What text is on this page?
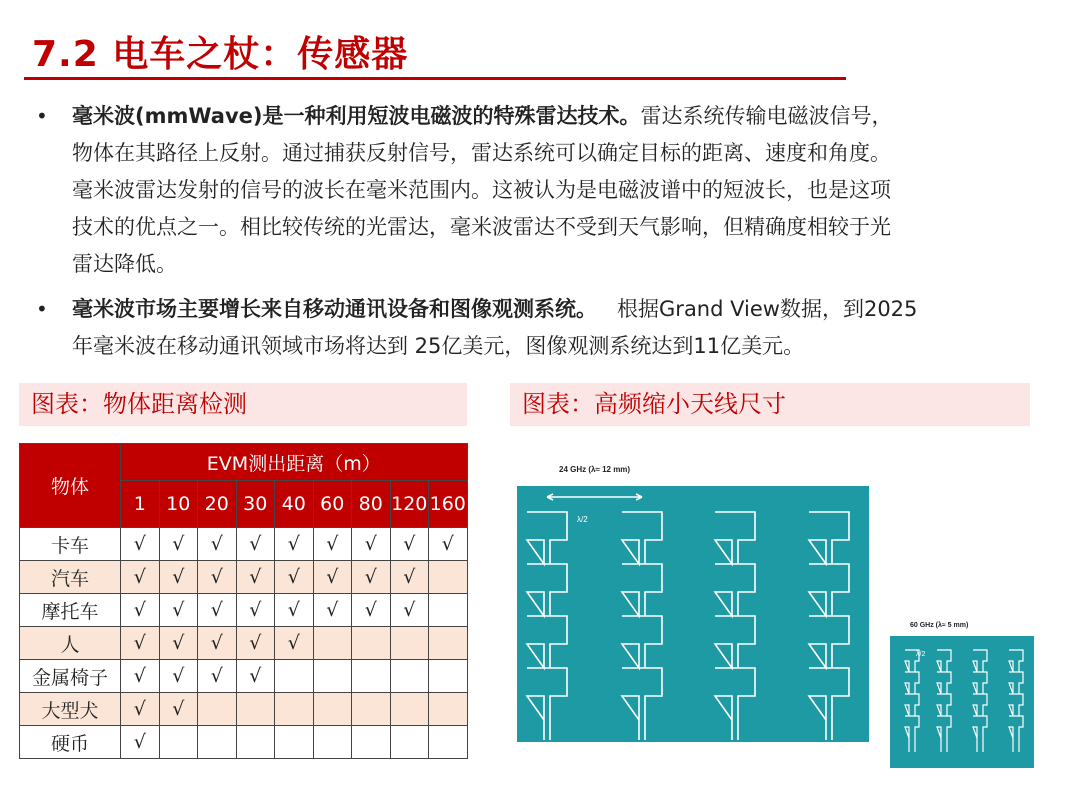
7.2 电车之杖：传感器
• 毫米波(mmWave)是一种利用短波电磁波的特殊雷达技术。雷达系统传输电磁波信号，
物体在其路径上反射。通过捕获反射信号，雷达系统可以确定目标的距离、速度和角度。
毫米波雷达发射的信号的波长在毫米范围内。这被认为是电磁波谱中的短波长，也是这项
技术的优点之一。相比较传统的光雷达，毫米波雷达不受到天气影响，但精确度相较于光
雷达降低。
• 毫米波市场主要增长来自移动通讯设备和图像观测系统。 根据Grand View数据，到2025
年毫米波在移动通讯领域市场将达到 25亿美元，图像观测系统达到11亿美元。
图表：物体距离检测	图表：高频缩小天线尺寸
物体	EVM测出距离（m）								
	1	10	20	30	40	60	80	120	160
卡车	√	√	√	√	√	√	√	√	√
汽车	√	√	√	√	√	√	√	√	
摩托车	√	√	√	√	√	√	√	√	
人	√	√	√	√	√				
金属椅子	√	√	√	√					
大型犬	√	√							
硬币	√								
24 GHz (λ≈ 12 mm)
λ/2
60 GHz (λ≈ 5 mm)
λ/2
